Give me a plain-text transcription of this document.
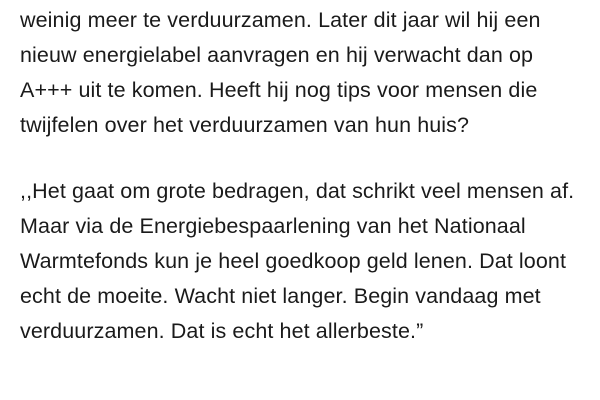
weinig meer te verduurzamen. Later dit jaar wil hij een nieuw energielabel aanvragen en hij verwacht dan op A+++ uit te komen. Heeft hij nog tips voor mensen die twijfelen over het verduurzamen van hun huis?

,,Het gaat om grote bedragen, dat schrikt veel mensen af. Maar via de Energiebespaarlening van het Nationaal Warmtefonds kun je heel goedkoop geld lenen. Dat loont echt de moeite. Wacht niet langer. Begin vandaag met verduurzamen. Dat is echt het allerbeste.”
